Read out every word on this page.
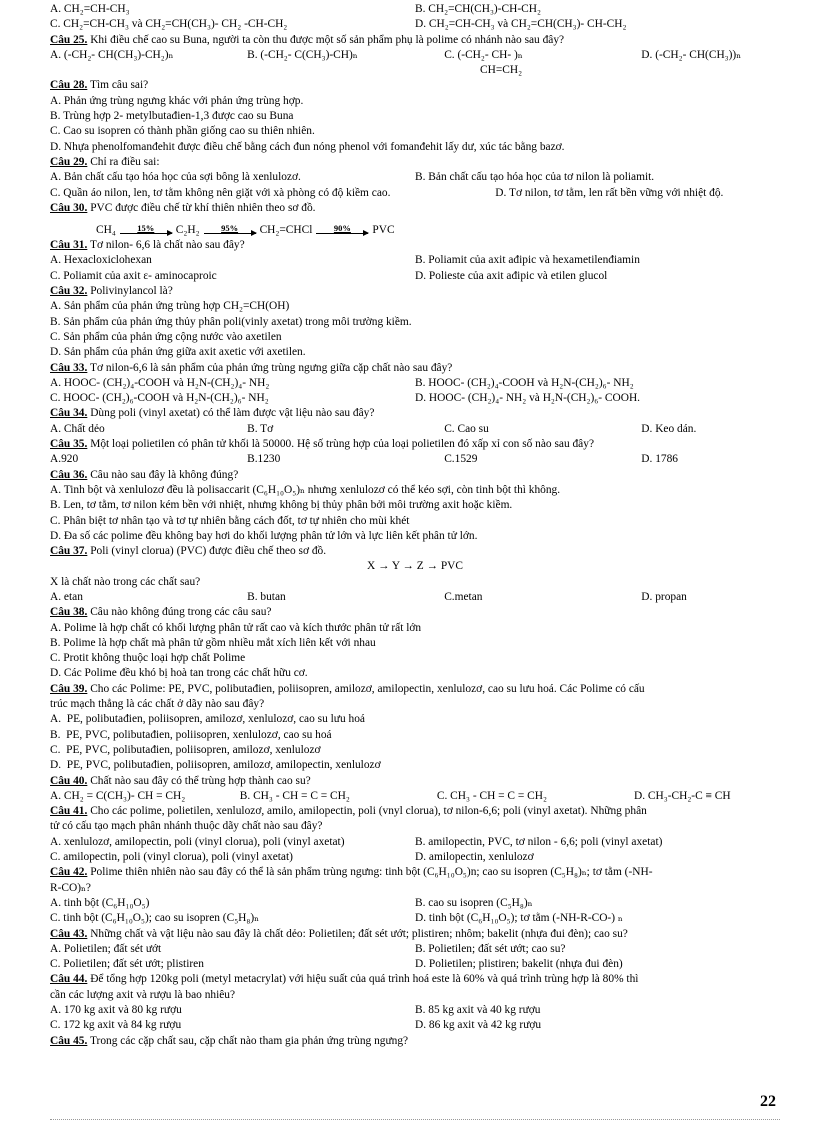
A. CH₂=CH-CH₃	B. CH₂=CH(CH₃)-CH-CH₂
C. CH₂=CH-CH₃ và CH₂=CH(CH₃)- CH₂ -CH-CH₂	D. CH₂=CH-CH₃ và CH₂=CH(CH₃)- CH-CH₂
Câu 25. Khi điều chế cao su Buna, người ta còn thu được một số sản phẩm phụ là polime có nhánh nào sau đây?
A. (-CH₂- CH(CH₃)-CH₂)ₙ	B. (-CH₂- C(CH₃)-CH)ₙ	C. (-CH₂- CH- )ₙ	D. (-CH₂- CH(CH₃))ₙ
CH=CH₂
Câu 28. Tìm câu sai?
A. Phản ứng trùng ngưng khác với phản ứng trùng hợp.
B. Trùng hợp 2- metylbutađien-1,3 được cao su Buna
C. Cao su isopren có thành phần giống cao su thiên nhiên.
D. Nhựa phenolfomanđehit được điều chế bằng cách đun nóng phenol với fomanđehit lấy dư, xúc tác bằng bazơ.
Câu 29. Chỉ ra điều sai:
A. Bản chất cấu tạo hóa học của sợi bông là xenlulozơ.	B. Bản chất cấu tạo hóa học của tơ nilon là poliamit.
C. Quần áo nilon, len, tơ tằm không nên giặt với xà phòng có độ kiềm cao.	D. Tơ nilon, tơ tằm, len rất bền vững với nhiệt độ.
Câu 30. PVC được điều chế từ khí thiên nhiên theo sơ đồ.
CH₄	15% C₂H₂	95% CH₂=CHCl	90% PVC
Câu 31. Tơ nilon- 6,6 là chất nào sau đây?
A. Hexacloxiclohexan	B. Poliamit của axit ađipic và hexametilenđiamin
C. Poliamit của axit ε- aminocaproic	D. Polieste của axit ađipic và etilen glucol
Câu 32. Polivinylancol là?
A. Sản phẩm của phản ứng trùng hợp CH₂=CH(OH)
B. Sản phẩm của phản ứng thủy phân poli(vinly axetat) trong môi trường kiềm.
C. Sản phẩm của phản ứng cộng nước vào axetilen
D. Sản phẩm của phản ứng giữa axit axetic với axetilen.
Câu 33. Tơ nilon-6,6 là sản phẩm của phản ứng trùng ngưng giữa cặp chất nào sau đây?
A. HOOC- (CH₂)₄-COOH và H₂N-(CH₂)₄- NH₂	B. HOOC- (CH₂)₄-COOH và H₂N-(CH₂)₆- NH₂
C. HOOC- (CH₂)₆-COOH và H₂N-(CH₂)₆- NH₂	D. HOOC- (CH₂)₄- NH₂ và H₂N-(CH₂)₆- COOH.
Câu 34. Dùng poli (vinyl axetat) có thể làm được vật liệu nào sau đây?
A. Chất dẻo	B. Tơ	C. Cao su	D. Keo dán.
Câu 35. Một loại polietilen có phân tử khối là 50000. Hệ số trùng hợp của loại polietilen đó xấp xỉ con số nào sau đây?
A.920	B.1230	C.1529	D. 1786
Câu 36. Câu nào sau đây là không đúng?
A. Tinh bột và xenlulozơ đều là polisaccarit (C₆H₁₀O₅)ₙ nhưng xenlulozơ có thể kéo sợi, còn tinh bột thì không.
B. Len, tơ tằm, tơ nilon kém bền với nhiệt, nhưng không bị thủy phân bởi môi trường axit hoặc kiềm.
C. Phân biệt tơ nhân tạo và tơ tự nhiên bằng cách đốt, tơ tự nhiên cho mùi khét
D. Đa số các polime đều không bay hơi do khối lượng phân tử lớn và lực liên kết phân tử lớn.
Câu 37. Poli (vinyl clorua) (PVC) được điều chế theo sơ đồ.
X → Y → Z → PVC
X là chất nào trong các chất sau?
A. etan	B. butan	C.metan	D. propan
Câu 38. Câu nào không đúng trong các câu sau?
A. Polime là hợp chất có khối lượng phân tử rất cao và kích thước phân tử rất lớn
B. Polime là hợp chất mà phân tử gồm nhiều mắt xích liên kết với nhau
C. Protit không thuộc loại hợp chất Polime
D. Các Polime đều khó bị hoà tan trong các chất hữu cơ.
Câu 39. Cho các Polime: PE, PVC, polibutađien, poliisopren, amilozơ, amilopectin, xenlulozơ, cao su lưu hoá. Các Polime có cấu
trúc mạch thẳng là các chất ở dãy nào sau đây?
A.  PE, polibutađien, poliisopren, amilozơ, xenlulozơ, cao su lưu hoá
B.  PE, PVC, polibutađien, poliisopren, xenlulozơ, cao su hoá
C.  PE, PVC, polibutađien, poliisopren, amilozơ, xenlulozơ
D.  PE, PVC, polibutađien, poliisopren, amilozơ, amilopectin, xenlulozơ
Câu 40. Chất nào sau đây có thể trùng hợp thành cao su?
A. CH₂ = C(CH₃)- CH = CH₂	B. CH₃ - CH = C = CH₂	C. CH₃ - CH = C = CH₂	D. CH₃-CH₂-C ≡ CH
Câu 41. Cho các polime, polietilen, xenlulozơ, amilo, amilopectin, poli (vnyl clorua), tơ nilon-6,6; poli (vinyl axetat). Những phân
tử có cấu tạo mạch phân nhánh thuộc dãy chất nào sau đây?
A. xenlulozơ, amilopectin, poli (vinyl clorua), poli (vinyl axetat)	B. amilopectin, PVC, tơ nilon - 6,6; poli (vinyl axetat)
C. amilopectin, poli (vinyl clorua), poli (vinyl axetat)	D. amilopectin, xenlulozơ
Câu 42. Polime thiên nhiên nào sau đây có thể là sản phẩm trùng ngưng: tinh bột (C₆H₁₀O₅)n; cao su isopren (C₅H₈)ₙ; tơ tằm (-NH-
R-CO)ₙ?
A. tinh bột (C₆H₁₀O₅)	B. cao su isopren (C₅H₈)ₙ
C. tinh bột (C₆H₁₀O₅); cao su isopren (C₅H₈)ₙ	D. tinh bột (C₆H₁₀O₅); tơ tằm (-NH-R-CO-) ₙ
Câu 43. Những chất và vật liệu nào sau đây là chất dẻo: Polietilen; đất sét ướt; plistiren; nhôm; bakelit (nhựa đui đèn); cao su?
A. Polietilen; đất sét ướt	B. Polietilen; đất sét ướt; cao su?
C. Polietilen; đất sét ướt; plistiren	D. Polietilen; plistiren; bakelit (nhựa đui đèn)
Câu 44. Để tổng hợp 120kg poli (metyl metacrylat) với hiệu suất của quá trình hoá este là 60% và quá trình trùng hợp là 80% thì
cần các lượng axit và rượu là bao nhiêu?
A. 170 kg axit và 80 kg rượu	B. 85 kg axit và 40 kg rượu
C. 172 kg axit và 84 kg rượu	D. 86 kg axit và 42 kg rượu
Câu 45. Trong các cặp chất sau, cặp chất nào tham gia phản ứng trùng ngưng?
22
